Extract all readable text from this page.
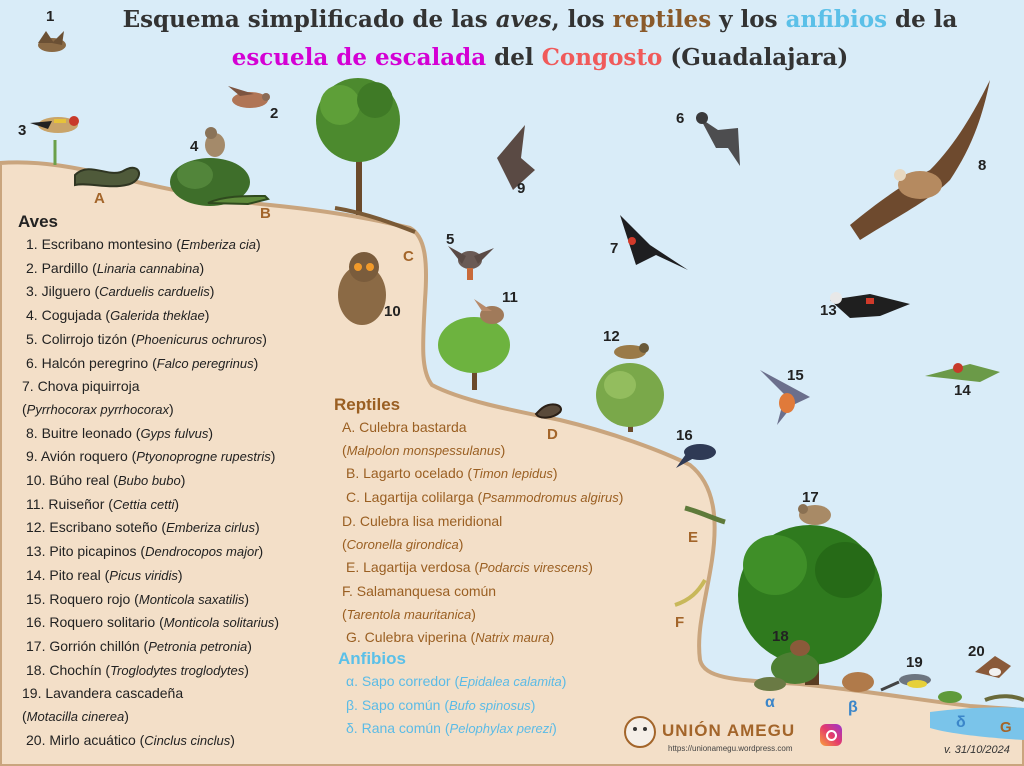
Esquema simplificado de las aves, los reptiles y los anfibios de la
escuela de escalada del Congosto (Guadalajara)
1
2
3
4
5
6
7
8
9
10
11
12
13
14
15
16
17
18
19
20
A
B
C
D
E
F
G
α	β
δ
Aves
1. Escribano montesino (Emberiza cia)
2. Pardillo (Linaria cannabina)
3. Jilguero (Carduelis carduelis)
4. Cogujada (Galerida theklae)
5. Colirrojo tizón (Phoenicurus ochruros)
6. Halcón peregrino (Falco peregrinus)
7. Chova piquirroja
(Pyrrhocorax pyrrhocorax)
8. Buitre leonado (Gyps fulvus)
9. Avión roquero (Ptyonoprogne rupestris)
10. Búho real (Bubo bubo)
11. Ruiseñor (Cettia cetti)
12. Escribano soteño (Emberiza cirlus)
13. Pito picapinos (Dendrocopos major)
14. Pito real (Picus viridis)
15. Roquero rojo (Monticola saxatilis)
16. Roquero solitario (Monticola solitarius)
17. Gorrión chillón (Petronia petronia)
18. Chochín (Troglodytes troglodytes)
19. Lavandera cascadeña
(Motacilla cinerea)
20. Mirlo acuático (Cinclus cinclus)
Reptiles
A. Culebra bastarda
(Malpolon monspessulanus)
B. Lagarto ocelado (Timon lepidus)
C. Lagartija colilarga (Psammodromus algirus)
D. Culebra lisa meridional
(Coronella girondica)
E. Lagartija verdosa (Podarcis virescens)
F. Salamanquesa común
(Tarentola mauritanica)
G. Culebra viperina (Natrix maura)
Anfibios
α. Sapo corredor (Epidalea calamita)
β. Sapo común (Bufo spinosus)
δ. Rana común (Pelophylax perezi)	UNIÓN AMEGU
https://unionamegu.wordpress.com	v. 31/10/2024
